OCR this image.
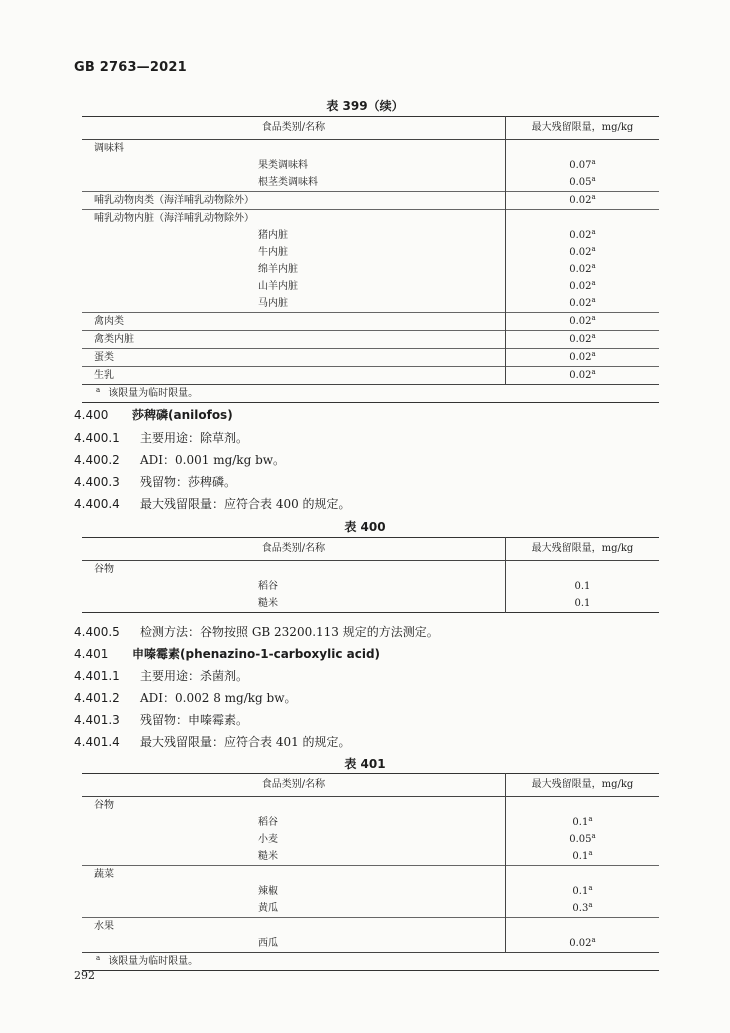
GB 2763—2021
表 399（续）
食品类别/名称	最大残留限量，mg/kg
调味料	
果类调味料	0.07$^a$
根茎类调味料	0.05$^a$
哺乳动物肉类（海洋哺乳动物除外）	0.02$^a$
哺乳动物内脏（海洋哺乳动物除外）	
猪内脏	0.02$^a$
牛内脏	0.02$^a$
绵羊内脏	0.02$^a$
山羊内脏	0.02$^a$
马内脏	0.02$^a$
禽肉类	0.02$^a$
禽类内脏	0.02$^a$
蛋类	0.02$^a$
生乳	0.02$^a$
$^a$ 该限量为临时限量。	
4.400 莎稗磷(anilofos)
4.400.1 主要用途：除草剂。
4.400.2 ADI：0.001 mg/kg bw。
4.400.3 残留物：莎稗磷。
4.400.4 最大残留限量：应符合表 400 的规定。
表 400
食品类别/名称	最大残留限量，mg/kg
谷物	
稻谷	0.1
糙米	0.1
4.400.5 检测方法：谷物按照 GB 23200.113 规定的方法测定。
4.401 申嗪霉素(phenazino-1-carboxylic acid)
4.401.1 主要用途：杀菌剂。
4.401.2 ADI：0.002 8 mg/kg bw。
4.401.3 残留物：申嗪霉素。
4.401.4 最大残留限量：应符合表 401 的规定。
表 401
食品类别/名称	最大残留限量，mg/kg
谷物	
稻谷	0.1$^a$
小麦	0.05$^a$
糙米	0.1$^a$
蔬菜	
辣椒	0.1$^a$
黄瓜	0.3$^a$
水果	
西瓜	0.02$^a$
$^a$ 该限量为临时限量。	
292
